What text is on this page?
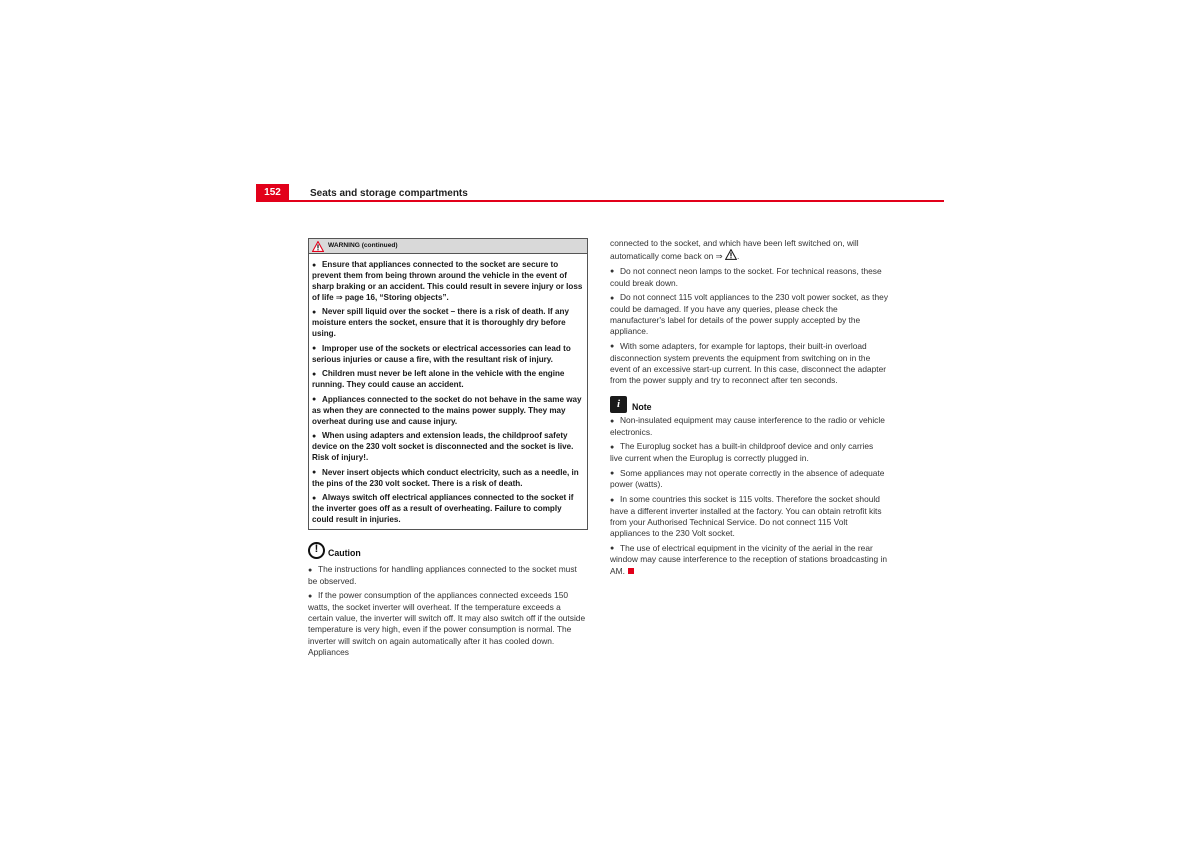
152	Seats and storage compartments
WARNING (continued)
● Ensure that appliances connected to the socket are secure to prevent them from being thrown around the vehicle in the event of sharp braking or an accident. This could result in severe injury or loss of life ⇒ page 16, “Storing objects”.
● Never spill liquid over the socket – there is a risk of death. If any moisture enters the socket, ensure that it is thoroughly dry before using.
● Improper use of the sockets or electrical accessories can lead to serious injuries or cause a fire, with the resultant risk of injury.
● Children must never be left alone in the vehicle with the engine running. They could cause an accident.
● Appliances connected to the socket do not behave in the same way as when they are connected to the mains power supply. They may overheat during use and cause injury.
● When using adapters and extension leads, the childproof safety device on the 230 volt socket is disconnected and the socket is live. Risk of injury!.
● Never insert objects which conduct electricity, such as a needle, in the pins of the 230 volt socket. There is a risk of death.
● Always switch off electrical appliances connected to the socket if the inverter goes off as a result of overheating. Failure to comply could result in injuries.
!	Caution
● The instructions for handling appliances connected to the socket must be observed.
● If the power consumption of the appliances connected exceeds 150 watts, the socket inverter will overheat. If the temperature exceeds a certain value, the inverter will switch off. It may also switch off if the outside temperature is very high, even if the power consumption is normal. The inverter will switch on again automatically after it has cooled down. Appliances
connected to the socket, and which have been left switched on, will automatically come back on ⇒ .
● Do not connect neon lamps to the socket. For technical reasons, these could break down.
● Do not connect 115 volt appliances to the 230 volt power socket, as they could be damaged. If you have any queries, please check the manufacturer's label for details of the power supply accepted by the appliance.
● With some adapters, for example for laptops, their built-in overload disconnection system prevents the equipment from switching on in the event of an excessive start-up current. In this case, disconnect the adapter from the power supply and try to reconnect after ten seconds.
i	Note
● Non-insulated equipment may cause interference to the radio or vehicle electronics.
● The Europlug socket has a built-in childproof device and only carries live current when the Europlug is correctly plugged in.
● Some appliances may not operate correctly in the absence of adequate power (watts).
● In some countries this socket is 115 volts. Therefore the socket should have a different inverter installed at the factory. You can obtain retrofit kits from your Authorised Technical Service. Do not connect 115 Volt appliances to the 230 Volt socket.
● The use of electrical equipment in the vicinity of the aerial in the rear window may cause interference to the reception of stations broadcasting in AM.
